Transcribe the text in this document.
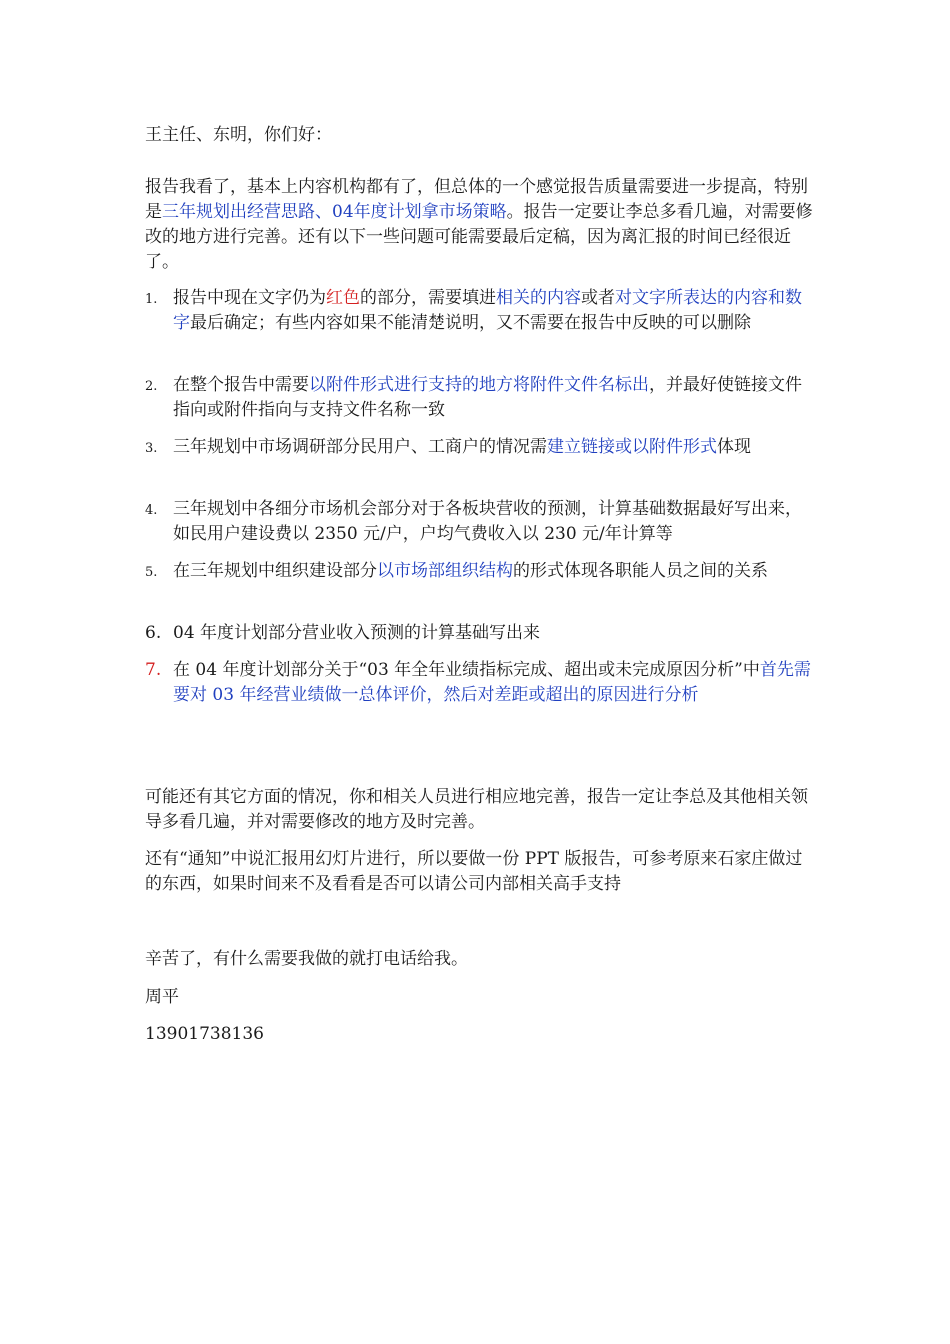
王主任、东明，你们好：

报告我看了，基本上内容机构都有了，但总体的一个感觉报告质量需要进一步提高，特别是三年规划出经营思路、04年度计划拿市场策略。报告一定要让李总多看几遍，对需要修改的地方进行完善。还有以下一些问题可能需要最后定稿，因为离汇报的时间已经很近了。

1. 报告中现在文字仍为红色的部分，需要填进相关的内容或者对文字所表达的内容和数字最后确定；有些内容如果不能清楚说明，又不需要在报告中反映的可以删除
2. 在整个报告中需要以附件形式进行支持的地方将附件文件名标出，并最好使链接文件指向或附件指向与支持文件名称一致
3. 三年规划中市场调研部分民用户、工商户的情况需建立链接或以附件形式体现
4. 三年规划中各细分市场机会部分对于各板块营收的预测，计算基础数据最好写出来，如民用户建设费以 2350 元/户，户均气费收入以 230 元/年计算等
5. 在三年规划中组织建设部分以市场部组织结构的形式体现各职能人员之间的关系
6. 04 年度计划部分营业收入预测的计算基础写出来
7. 在 04 年度计划部分关于“03 年全年业绩指标完成、超出或未完成原因分析”中首先需要对 03 年经营业绩做一总体评价，然后对差距或超出的原因进行分析

可能还有其它方面的情况，你和相关人员进行相应地完善，报告一定让李总及其他相关领导多看几遍，并对需要修改的地方及时完善。

还有“通知”中说汇报用幻灯片进行，所以要做一份 PPT 版报告，可参考原来石家庄做过的东西，如果时间来不及看看是否可以请公司内部相关高手支持

辛苦了，有什么需要我做的就打电话给我。

周平

13901738136
